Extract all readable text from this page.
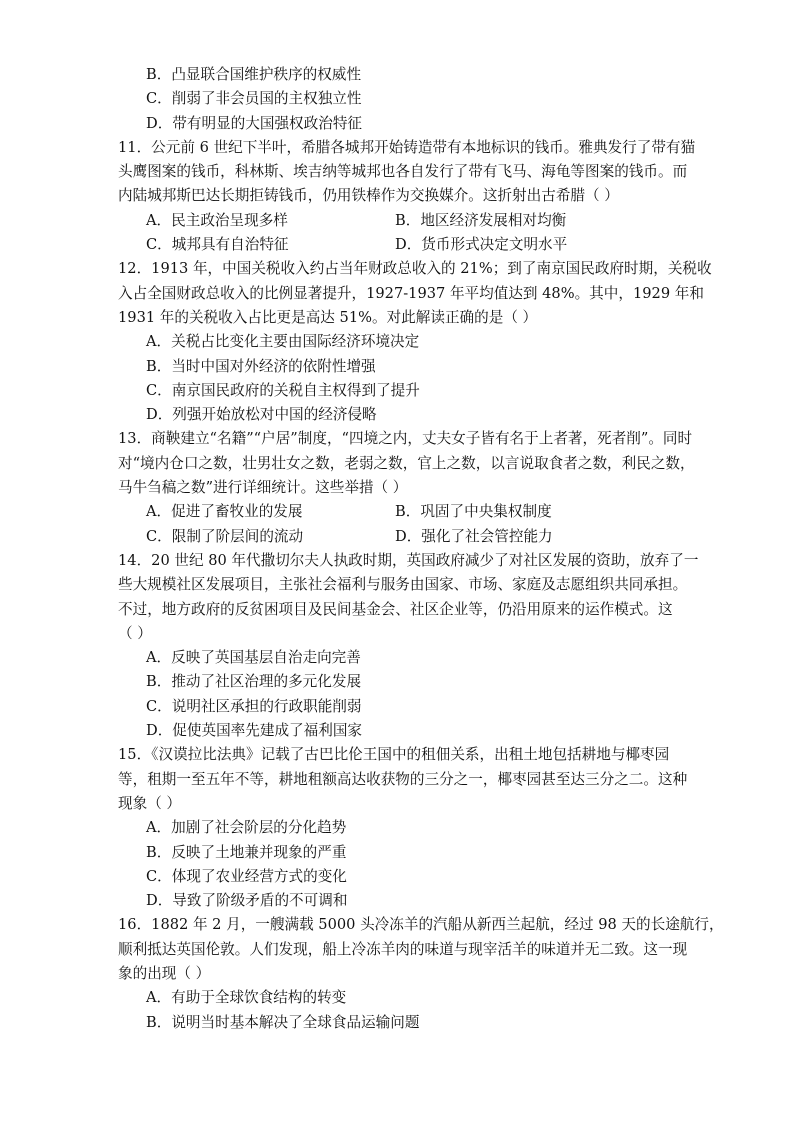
B．凸显联合国维护秩序的权威性
C．削弱了非会员国的主权独立性
D．带有明显的大国强权政治特征
11．公元前 6 世纪下半叶，希腊各城邦开始铸造带有本地标识的钱币。雅典发行了带有猫
头鹰图案的钱币，科林斯、埃吉纳等城邦也各自发行了带有飞马、海龟等图案的钱币。而
内陆城邦斯巴达长期拒铸钱币，仍用铁棒作为交换媒介。这折射出古希腊（ ）
A．民主政治呈现多样	B．地区经济发展相对均衡
C．城邦具有自治特征	D．货币形式决定文明水平
12．1913 年，中国关税收入约占当年财政总收入的 21%；到了南京国民政府时期，关税收
入占全国财政总收入的比例显著提升，1927-1937 年平均值达到 48%。其中，1929 年和
1931 年的关税收入占比更是高达 51%。对此解读正确的是（ ）
A．关税占比变化主要由国际经济环境决定
B．当时中国对外经济的依附性增强
C．南京国民政府的关税自主权得到了提升
D．列强开始放松对中国的经济侵略
13．商鞅建立“名籍”“户居”制度，“四境之内，丈夫女子皆有名于上者著，死者削”。同时
对“境内仓口之数，壮男壮女之数，老弱之数，官上之数，以言说取食者之数，利民之数，
马牛刍稿之数”进行详细统计。这些举措（ ）
A．促进了畜牧业的发展	B．巩固了中央集权制度
C．限制了阶层间的流动	D．强化了社会管控能力
14．20 世纪 80 年代撒切尔夫人执政时期，英国政府减少了对社区发展的资助，放弃了一
些大规模社区发展项目，主张社会福利与服务由国家、市场、家庭及志愿组织共同承担。
不过，地方政府的反贫困项目及民间基金会、社区企业等，仍沿用原来的运作模式。这
（ ）
A．反映了英国基层自治走向完善
B．推动了社区治理的多元化发展
C．说明社区承担的行政职能削弱
D．促使英国率先建成了福利国家
15．《汉谟拉比法典》记载了古巴比伦王国中的租佃关系，出租土地包括耕地与椰枣园
等，租期一至五年不等，耕地租额高达收获物的三分之一，椰枣园甚至达三分之二。这种
现象（ ）
A．加剧了社会阶层的分化趋势
B．反映了土地兼并现象的严重
C．体现了农业经营方式的变化
D．导致了阶级矛盾的不可调和
16．1882 年 2 月，一艘满载 5000 头冷冻羊的汽船从新西兰起航，经过 98 天的长途航行，
顺利抵达英国伦敦。人们发现，船上冷冻羊肉的味道与现宰活羊的味道并无二致。这一现
象的出现（ ）
A．有助于全球饮食结构的转变
B．说明当时基本解决了全球食品运输问题
